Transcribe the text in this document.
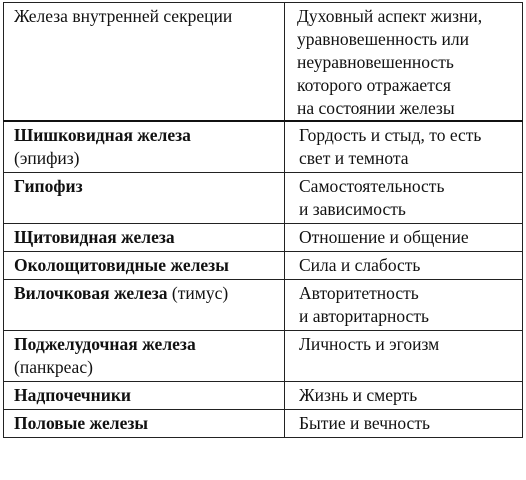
Железа внутренней секреции	Духовный аспект жизни,
уравновешенность или
неуравновешенность
которого отражается
на состоянии железы

Шишковидная железа
(эпифиз)	Гордость и стыд, то есть
свет и темнота

Гипофиз	Самостоятельность
и зависимость

Щитовидная железа	Отношение и общение

Околощитовидные железы	Сила и слабость

Вилочковая железа (тимус)	Авторитетность
и авторитарность

Поджелудочная железа
(панкреас)	Личность и эгоизм

Надпочечники	Жизнь и смерть

Половые железы	Бытие и вечность
